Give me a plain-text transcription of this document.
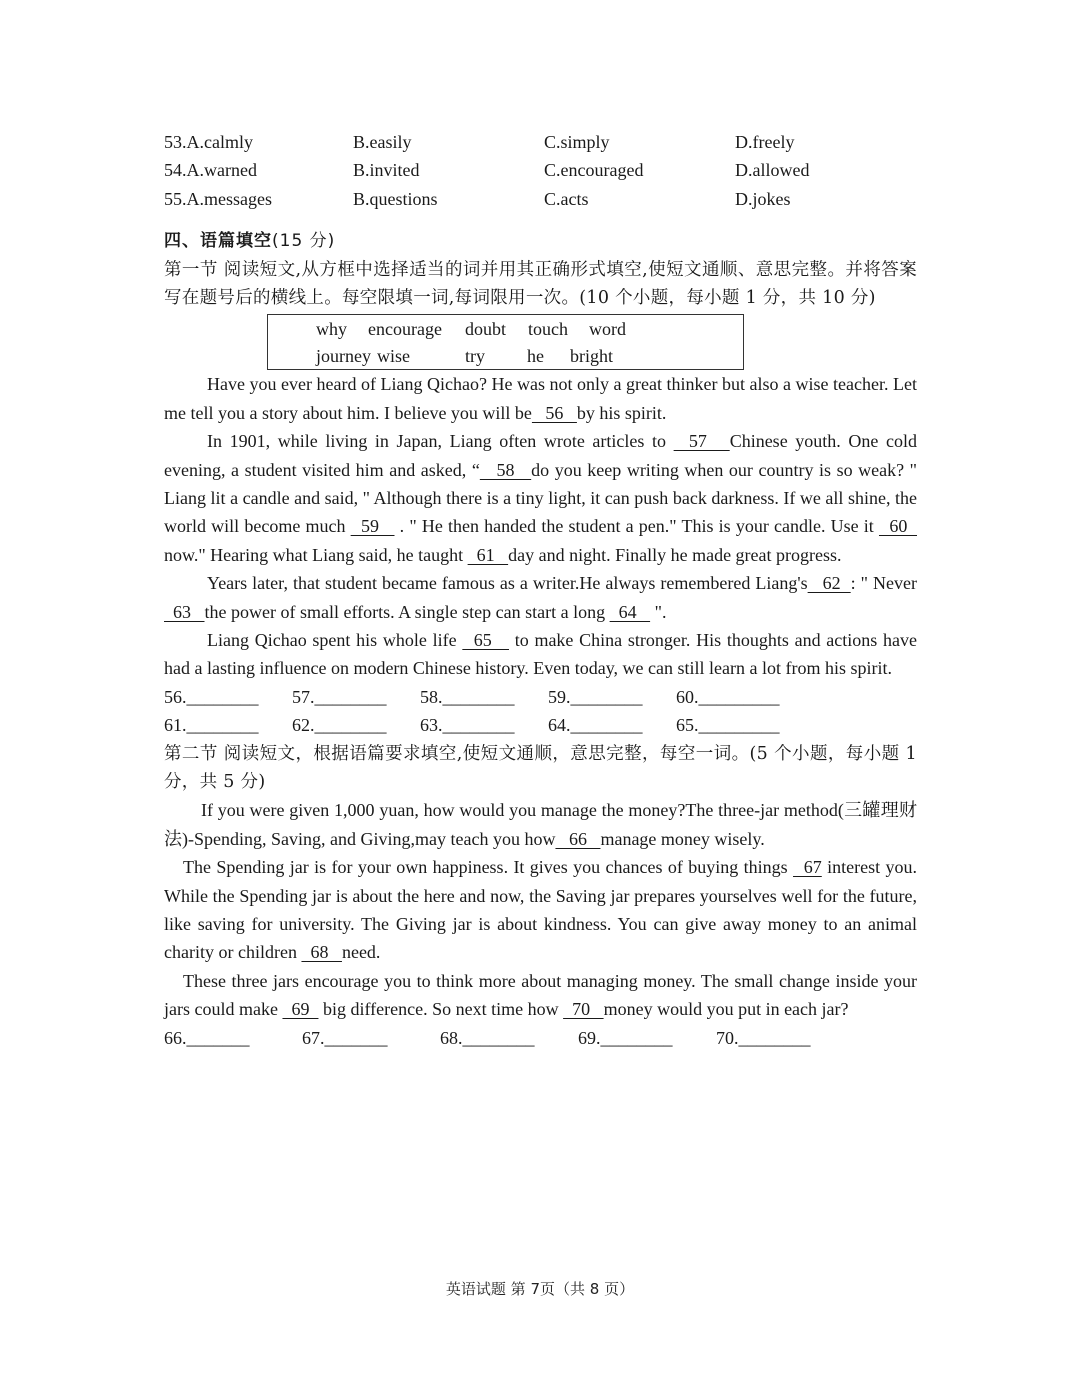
53.A.calmly	B.easily	C.simply	D.freely
54.A.warned	B.invited	C.encouraged	D.allowed
55.A.messages	B.questions	C.acts	D.jokes
四、语篇填空(15 分)
第一节 阅读短文,从方框中选择适当的词并用其正确形式填空,使短文通顺、意思完整。并将答案写在题号后的横线上。每空限填一词,每词限用一次。(10 个小题，每小题 1 分，共 10 分)
why	encourage	doubt	touch	word
journey wise	try	he	bright

Have you ever heard of Liang Qichao? He was not only a great thinker but also a wise teacher. Let me tell you a story about him. I believe you will be   56   by his spirit.

In 1901, while living in Japan, Liang often wrote articles to   57   Chinese youth. One cold evening, a student visited him and asked, “   58   do you keep writing when our country is so weak? " Liang lit a candle and said, " Although there is a tiny light, it can push back darkness. If we all shine, the world will become much   59    . " He then handed the student a pen." This is your candle. Use it   60   now." Hearing what Liang said, he taught   61   day and night. Finally he made great progress.

Years later, that student became famous as a writer.He always remembered Liang's   62  : " Never   63   the power of small efforts. A single step can start a long   64    ".

Liang Qichao spent his whole life   65    to make China stronger. His thoughts and actions have had a lasting influence on modern Chinese history. Even today, we can still learn a lot from his spirit.

56.________	57.________	58.________	59.________	60._________
61.________	62.________	63.________	64.________	65._________
第二节 阅读短文，根据语篇要求填空,使短文通顺，意思完整，每空一词。(5 个小题，每小题 1 分，共 5 分)

If you were given 1,000 yuan, how would you manage the money?The three-jar method(三罐理财法)-Spending, Saving, and Giving,may teach you how   66   manage money wisely.

The Spending jar is for your own happiness. It gives you chances of buying things   67 interest you. While the Spending jar is about the here and now, the Saving jar prepares yourselves well for the future, like saving for university. The Giving jar is about kindness. You can give away money to an animal charity or children   68   need.

These three jars encourage you to think more about managing money. The small change inside your jars could make   69   big difference. So next time how   70   money would you put in each jar?

66._______	67._______	68.________	69.________	70.________
英语试题 第 7页（共 8 页）
